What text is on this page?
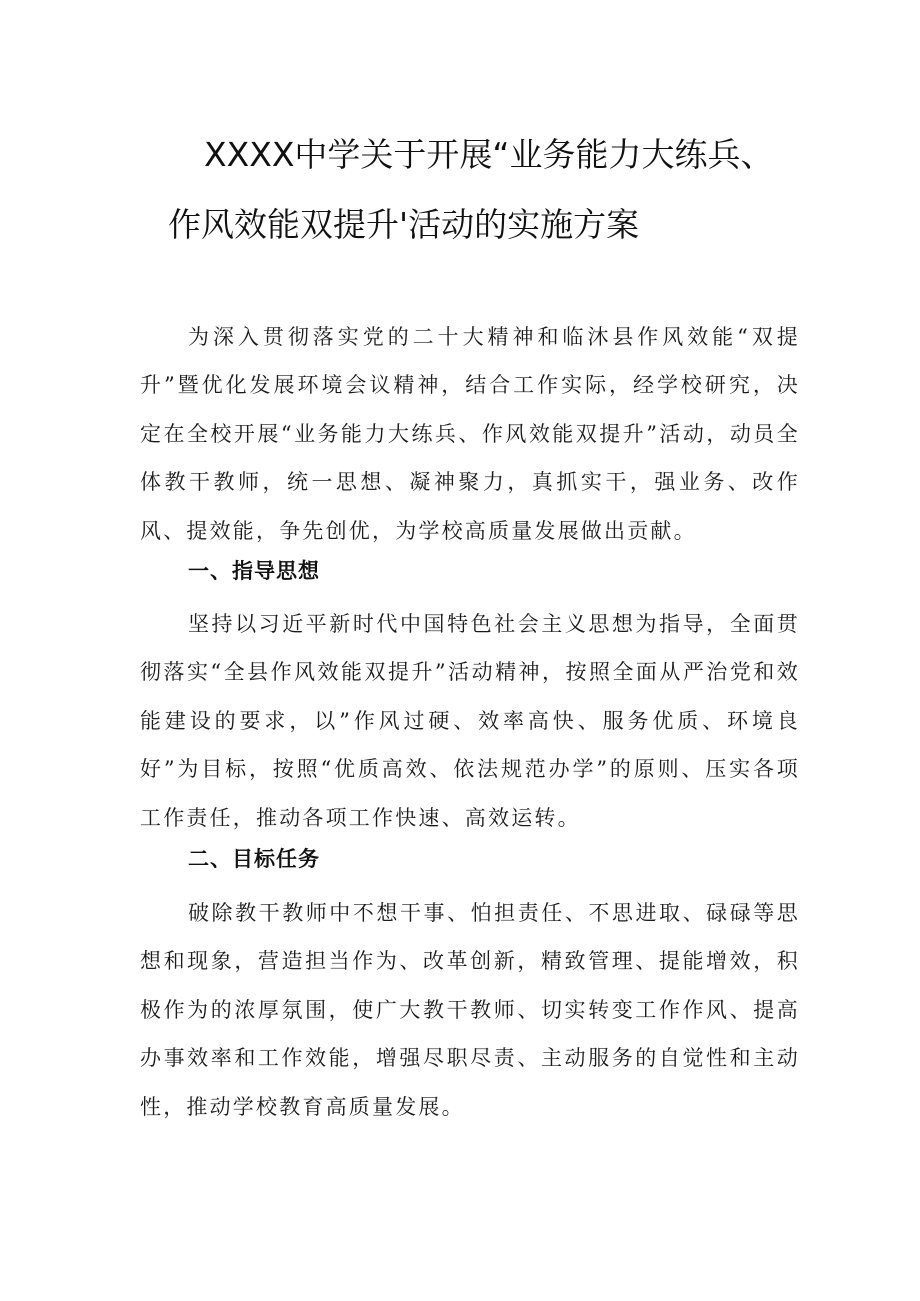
XXXX中学关于开展“业务能力大练兵、
作风效能双提升'活动的实施方案

为深入贯彻落实党的二十大精神和临沐县作风效能“双提升”暨优化发展环境会议精神，结合工作实际，经学校研究，决定在全校开展“业务能力大练兵、作风效能双提升”活动，动员全体教干教师，统一思想、凝神聚力，真抓实干，强业务、改作风、提效能，争先创优，为学校高质量发展做出贡献。

一、指导思想

坚持以习近平新时代中国特色社会主义思想为指导，全面贯彻落实“全县作风效能双提升”活动精神，按照全面从严治党和效能建设的要求，以”作风过硬、效率高快、服务优质、环境良好”为目标，按照“优质高效、依法规范办学”的原则、压实各项工作责任，推动各项工作快速、高效运转。

二、目标任务

破除教干教师中不想干事、怕担责任、不思进取、碌碌等思想和现象，营造担当作为、改革创新，精致管理、提能增效，积极作为的浓厚氛围，使广大教干教师、切实转变工作作风、提高办事效率和工作效能，增强尽职尽责、主动服务的自觉性和主动性，推动学校教育高质量发展。
